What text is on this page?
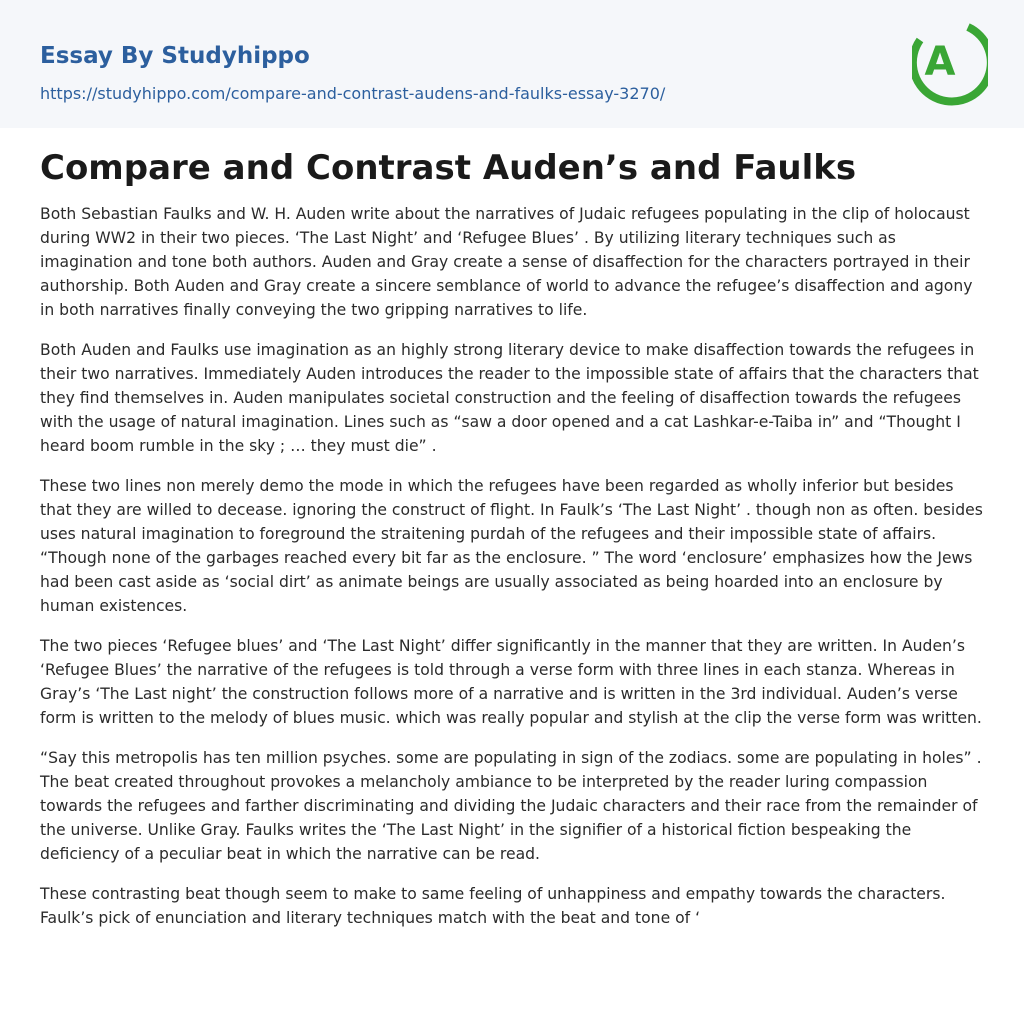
Essay By Studyhippo
https://studyhippo.com/compare-and-contrast-audens-and-faulks-essay-3270/
A
Compare and Contrast Auden’s and Faulks

Both Sebastian Faulks and W. H. Auden write about the narratives of Judaic refugees populating in the clip of holocaust during WW2 in their two pieces. ‘The Last Night’ and ‘Refugee Blues’ . By utilizing literary techniques such as imagination and tone both authors. Auden and Gray create a sense of disaffection for the characters portrayed in their authorship. Both Auden and Gray create a sincere semblance of world to advance the refugee’s disaffection and agony in both narratives finally conveying the two gripping narratives to life.

Both Auden and Faulks use imagination as an highly strong literary device to make disaffection towards the refugees in their two narratives. Immediately Auden introduces the reader to the impossible state of affairs that the characters that they find themselves in. Auden manipulates societal construction and the feeling of disaffection towards the refugees with the usage of natural imagination. Lines such as “saw a door opened and a cat Lashkar-e-Taiba in” and “Thought I heard boom rumble in the sky ; … they must die” .

These two lines non merely demo the mode in which the refugees have been regarded as wholly inferior but besides that they are willed to decease. ignoring the construct of flight. In Faulk’s ‘The Last Night’ . though non as often. besides uses natural imagination to foreground the straitening purdah of the refugees and their impossible state of affairs. “Though none of the garbages reached every bit far as the enclosure. ” The word ‘enclosure’ emphasizes how the Jews had been cast aside as ‘social dirt’ as animate beings are usually associated as being hoarded into an enclosure by human existences.

The two pieces ‘Refugee blues’ and ‘The Last Night’ differ significantly in the manner that they are written. In Auden’s ‘Refugee Blues’ the narrative of the refugees is told through a verse form with three lines in each stanza. Whereas in Gray’s ‘The Last night’ the construction follows more of a narrative and is written in the 3rd individual. Auden’s verse form is written to the melody of blues music. which was really popular and stylish at the clip the verse form was written.

“Say this metropolis has ten million psyches. some are populating in sign of the zodiacs. some are populating in holes” . The beat created throughout provokes a melancholy ambiance to be interpreted by the reader luring compassion towards the refugees and farther discriminating and dividing the Judaic characters and their race from the remainder of the universe. Unlike Gray. Faulks writes the ‘The Last Night’ in the signifier of a historical fiction bespeaking the deficiency of a peculiar beat in which the narrative can be read.

These contrasting beat though seem to make to same feeling of unhappiness and empathy towards the characters. Faulk’s pick of enunciation and literary techniques match with the beat and tone of ‘
